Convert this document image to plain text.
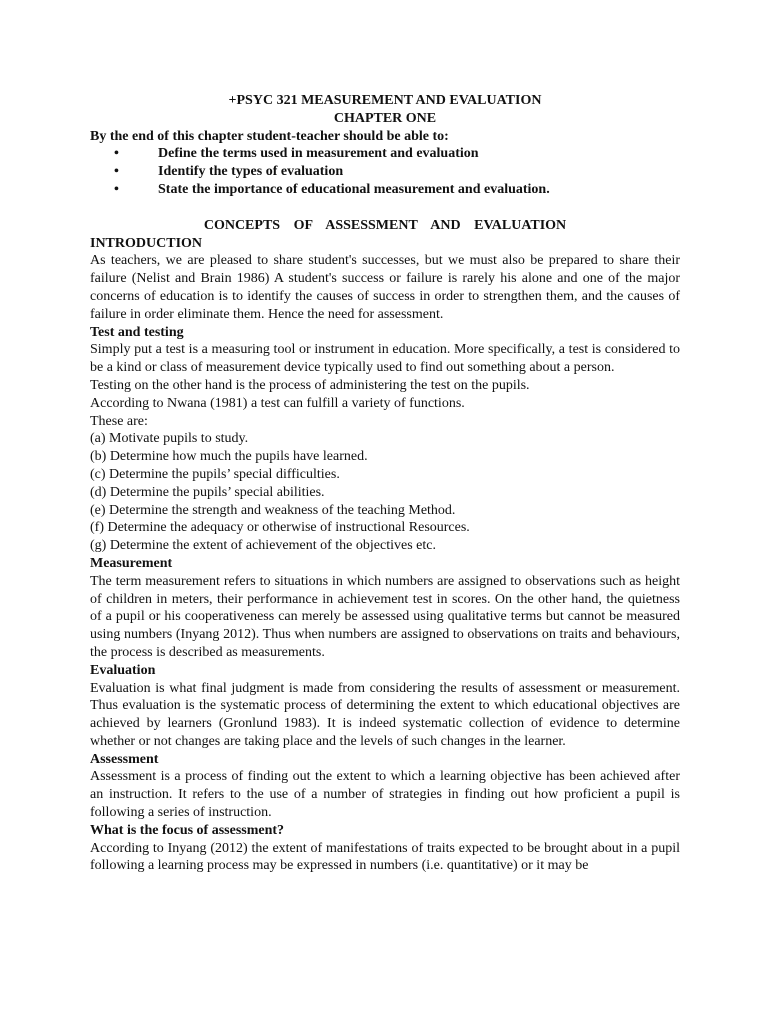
+PSYC 321 MEASUREMENT AND EVALUATION

CHAPTER ONE

By the end of this chapter student-teacher should be able to:

•	Define the terms used in measurement and evaluation
•	Identify the types of evaluation
•	State the importance of educational measurement and evaluation.

CONCEPTS OF ASSESSMENT AND EVALUATION

INTRODUCTION

As teachers, we are pleased to share student's successes, but we must also be prepared to share their failure (Nelist and Brain 1986) A student's success or failure is rarely his alone and one of the major concerns of education is to identify the causes of success in order to strengthen them, and the causes of failure in order eliminate them. Hence the need for assessment.

Test and testing

Simply put a test is a measuring tool or instrument in education. More specifically, a test is considered to be a kind or class of measurement device typically used to find out something about a person.

Testing on the other hand is the process of administering the test on the pupils.

According to Nwana (1981) a test can fulfill a variety of functions.

These are:

(a) Motivate pupils to study.
(b) Determine how much the pupils have learned.
(c) Determine the pupils’ special difficulties.
(d) Determine the pupils’ special abilities.
(e) Determine the strength and weakness of the teaching Method.
(f) Determine the adequacy or otherwise of instructional Resources.
(g) Determine the extent of achievement of the objectives etc.

Measurement

The term measurement refers to situations in which numbers are assigned to observations such as height of children in meters, their performance in achievement test in scores. On the other hand, the quietness of a pupil or his cooperativeness can merely be assessed using qualitative terms but cannot be measured using numbers (Inyang 2012). Thus when numbers are assigned to observations on traits and behaviours, the process is described as measurements.

Evaluation

Evaluation is what final judgment is made from considering the results of assessment or measurement. Thus evaluation is the systematic process of determining the extent to which educational objectives are achieved by learners (Gronlund 1983). It is indeed systematic collection of evidence to determine whether or not changes are taking place and the levels of such changes in the learner.

Assessment

Assessment is a process of finding out the extent to which a learning objective has been achieved after an instruction. It refers to the use of a number of strategies in finding out how proficient a pupil is following a series of instruction.

What is the focus of assessment?

According to Inyang (2012) the extent of manifestations of traits expected to be brought about in a pupil following a learning process may be expressed in numbers (i.e. quantitative) or it may be
